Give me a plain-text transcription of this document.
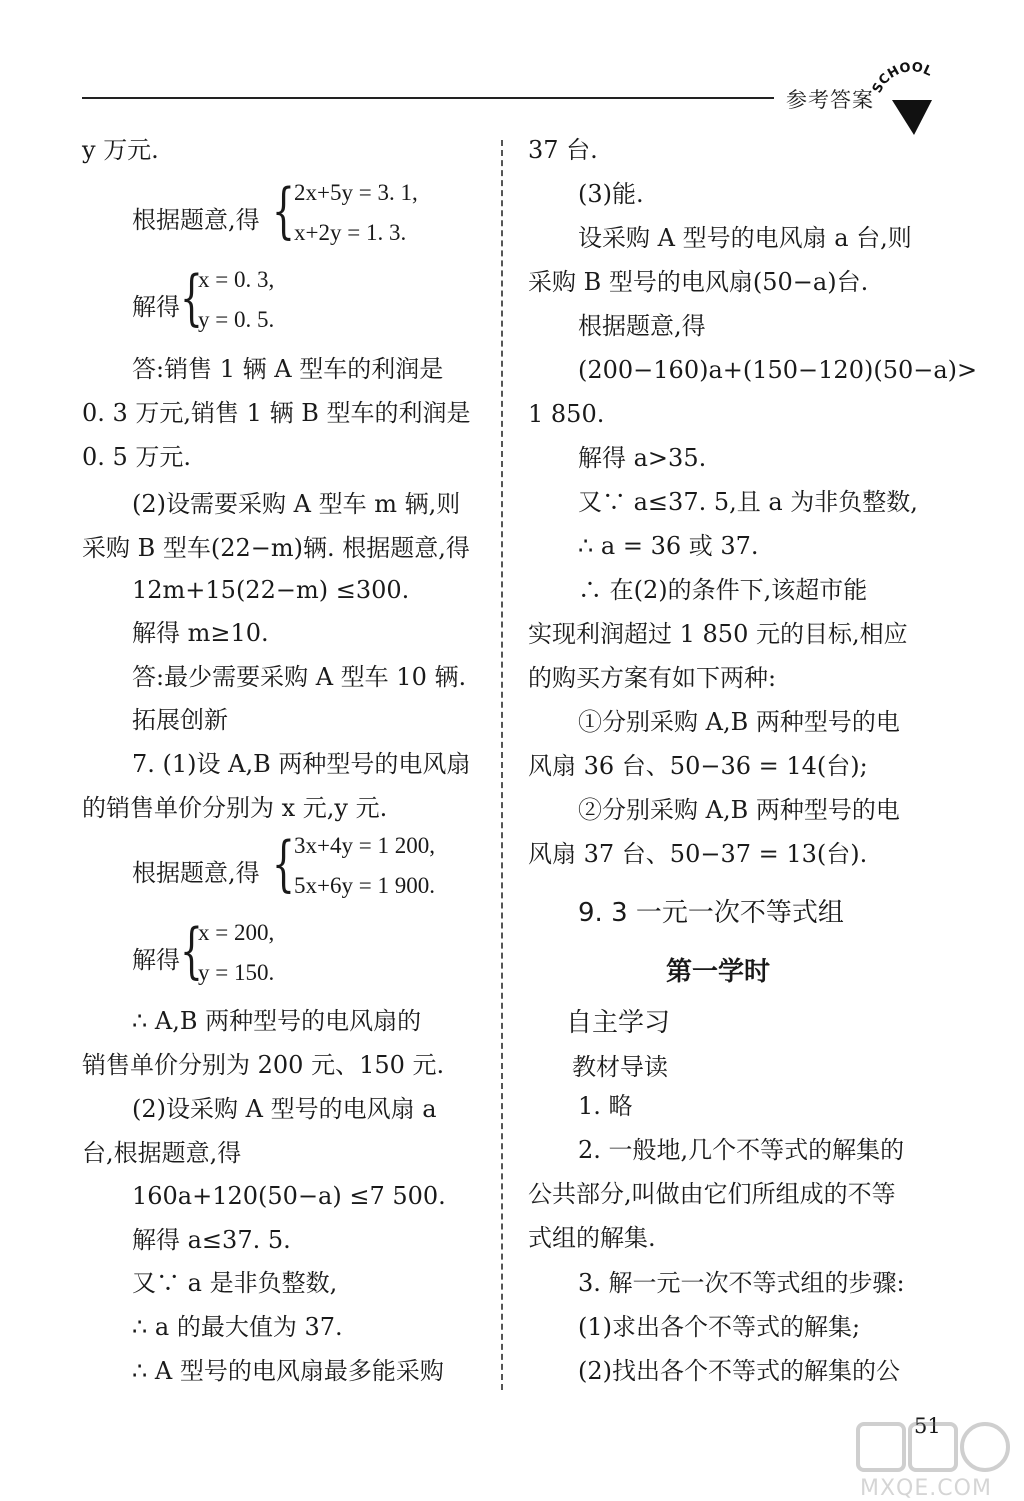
参考答案
SCHOOL
y 万元.
根据题意,得 { 2x+5y = 3. 1,
x+2y = 1. 3.
解得 {
x = 0. 3,
y = 0. 5.
答:销售 1 辆 A 型车的利润是
0. 3 万元,销售 1 辆 B 型车的利润是
0. 5 万元.
(2)设需要采购 A 型车 m 辆,则
采购 B 型车(22−m)辆. 根据题意,得
12m+15(22−m) ≤300.
解得 m≥10.
答:最少需要采购 A 型车 10 辆.
拓展创新
7. (1)设 A,B 两种型号的电风扇
的销售单价分别为 x 元,y 元.
根据题意,得 { 3x+4y = 1 200,
5x+6y = 1 900.
解得 {
x = 200,
y = 150.
∴ A,B 两种型号的电风扇的
销售单价分别为 200 元、150 元.
(2)设采购 A 型号的电风扇 a
台,根据题意,得
160a+120(50−a) ≤7 500.
解得 a≤37. 5.
又∵ a 是非负整数,
∴ a 的最大值为 37.
∴ A 型号的电风扇最多能采购
37 台.
(3)能.
设采购 A 型号的电风扇 a 台,则
采购 B 型号的电风扇(50−a)台.
根据题意,得
(200−160)a+(150−120)(50−a)>
1 850.
解得 a>35.
又∵ a≤37. 5,且 a 为非负整数,
∴ a = 36 或 37.
∴ 在(2)的条件下,该超市能
实现利润超过 1 850 元的目标,相应
的购买方案有如下两种:
①分别采购 A,B 两种型号的电
风扇 36 台、50−36 = 14(台);
②分别采购 A,B 两种型号的电
风扇 37 台、50−37 = 13(台).
9. 3 一元一次不等式组
第一学时
自主学习
教材导读
1. 略
2. 一般地,几个不等式的解集的
公共部分,叫做由它们所组成的不等
式组的解集.
3. 解一元一次不等式组的步骤:
(1)求出各个不等式的解集;
(2)找出各个不等式的解集的公
51
MXQE.COM
